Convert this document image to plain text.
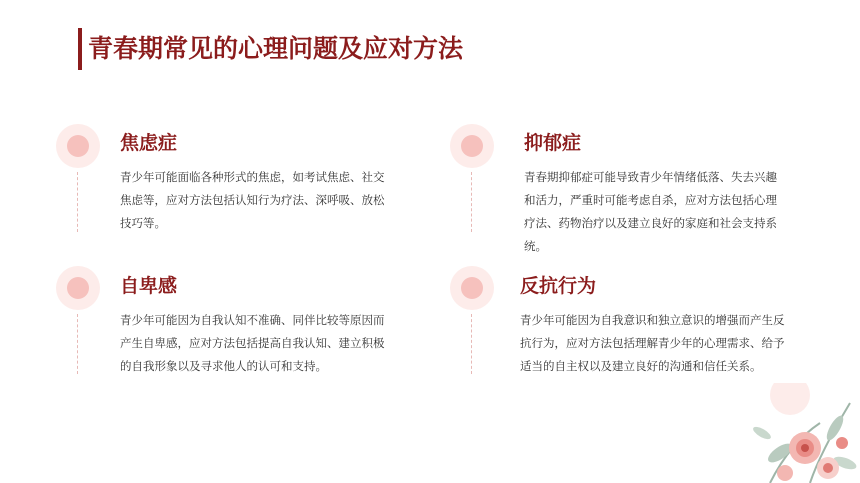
青春期常见的心理问题及应对方法
焦虑症

青少年可能面临各种形式的焦虑，如考试焦虑、社交焦虑等，应对方法包括认知行为疗法、深呼吸、放松技巧等。

抑郁症

青春期抑郁症可能导致青少年情绪低落、失去兴趣和活力，严重时可能考虑自杀，应对方法包括心理疗法、药物治疗以及建立良好的家庭和社会支持系统。

自卑感

青少年可能因为自我认知不准确、同伴比较等原因而产生自卑感，应对方法包括提高自我认知、建立积极的自我形象以及寻求他人的认可和支持。

反抗行为

青少年可能因为自我意识和独立意识的增强而产生反抗行为，应对方法包括理解青少年的心理需求、给予适当的自主权以及建立良好的沟通和信任关系。
